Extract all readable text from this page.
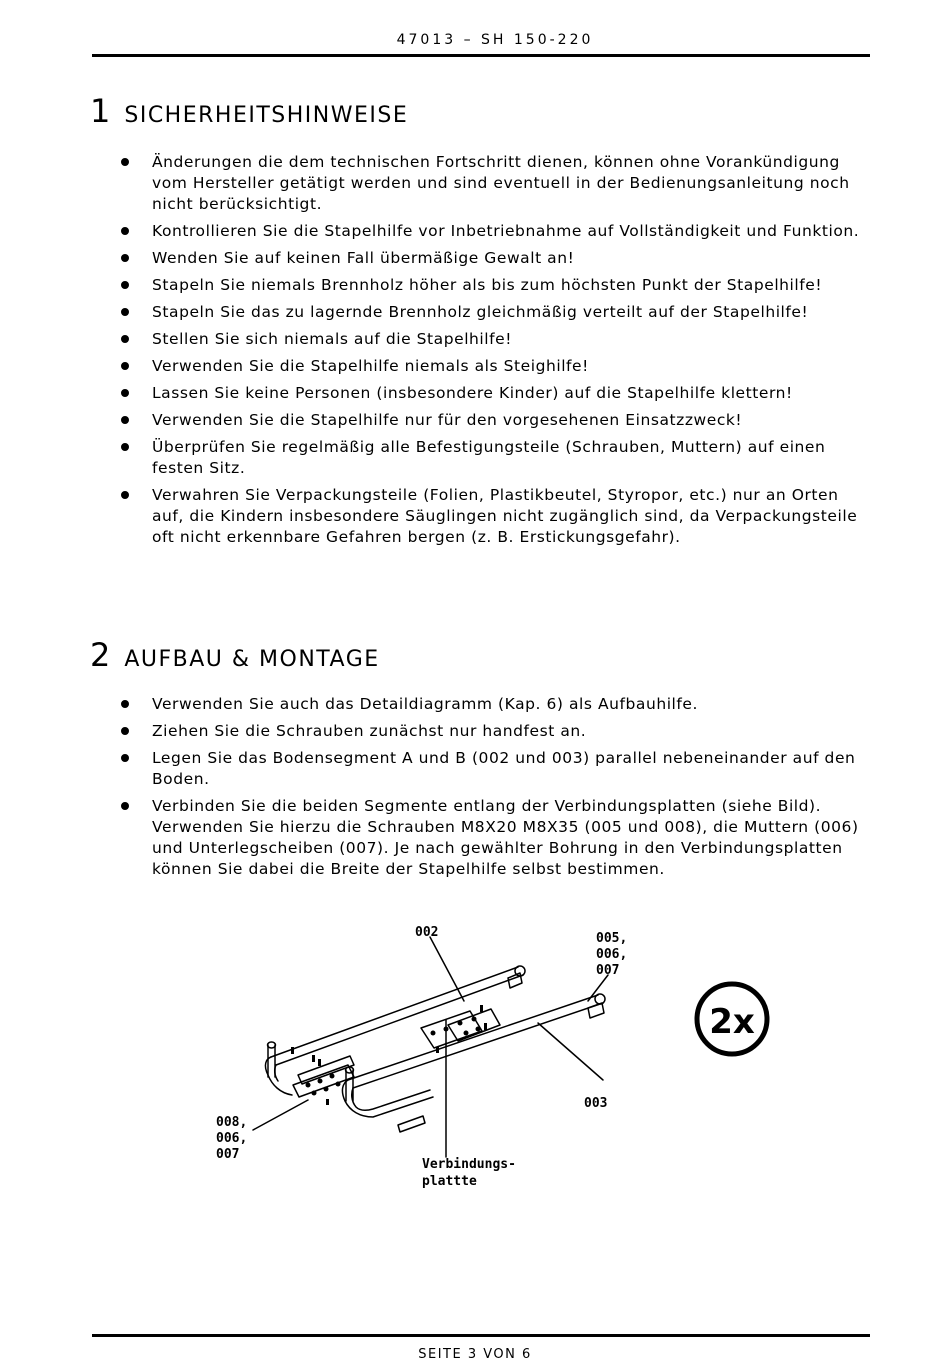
47013 – SH 150-220
1 SICHERHEITSHINWEISE
Änderungen die dem technischen Fortschritt dienen, können ohne Vorankündigung vom Hersteller getätigt werden und sind eventuell in der Bedienungsanleitung noch nicht berücksichtigt.
Kontrollieren Sie die Stapelhilfe vor Inbetriebnahme auf Vollständigkeit und Funktion.
Wenden Sie auf keinen Fall übermäßige Gewalt an!
Stapeln Sie niemals Brennholz höher als bis zum höchsten Punkt der Stapelhilfe!
Stapeln Sie das zu lagernde Brennholz gleichmäßig verteilt auf der Stapelhilfe!
Stellen Sie sich niemals auf die Stapelhilfe!
Verwenden Sie die Stapelhilfe niemals als Steighilfe!
Lassen Sie keine Personen (insbesondere Kinder) auf die Stapelhilfe klettern!
Verwenden Sie die Stapelhilfe nur für den vorgesehenen Einsatzzweck!
Überprüfen Sie regelmäßig alle Befestigungsteile (Schrauben, Muttern) auf einen festen Sitz.
Verwahren Sie Verpackungsteile (Folien, Plastikbeutel, Styropor, etc.) nur an Orten auf, die Kindern insbesondere Säuglingen nicht zugänglich sind, da Verpackungsteile oft nicht erkennbare Gefahren bergen (z. B. Erstickungsgefahr).
2 AUFBAU & MONTAGE
Verwenden Sie auch das Detaildiagramm (Kap. 6) als Aufbauhilfe.
Ziehen Sie die Schrauben zunächst nur handfest an.
Legen Sie das Bodensegment A und B (002 und 003) parallel nebeneinander auf den Boden.
Verbinden Sie die beiden Segmente entlang der Verbindungsplatten (siehe Bild). Verwenden Sie hierzu die Schrauben M8X20 M8X35 (005 und 008), die Muttern (006) und Unterlegscheiben (007). Je nach gewählter Bohrung in den Verbindungsplatten können Sie dabei die Breite der Stapelhilfe selbst bestimmen.
002	005,
006,
007
008,
006,
007
003
Verbindungs-
plattte
2x
SEITE 3 VON 6
